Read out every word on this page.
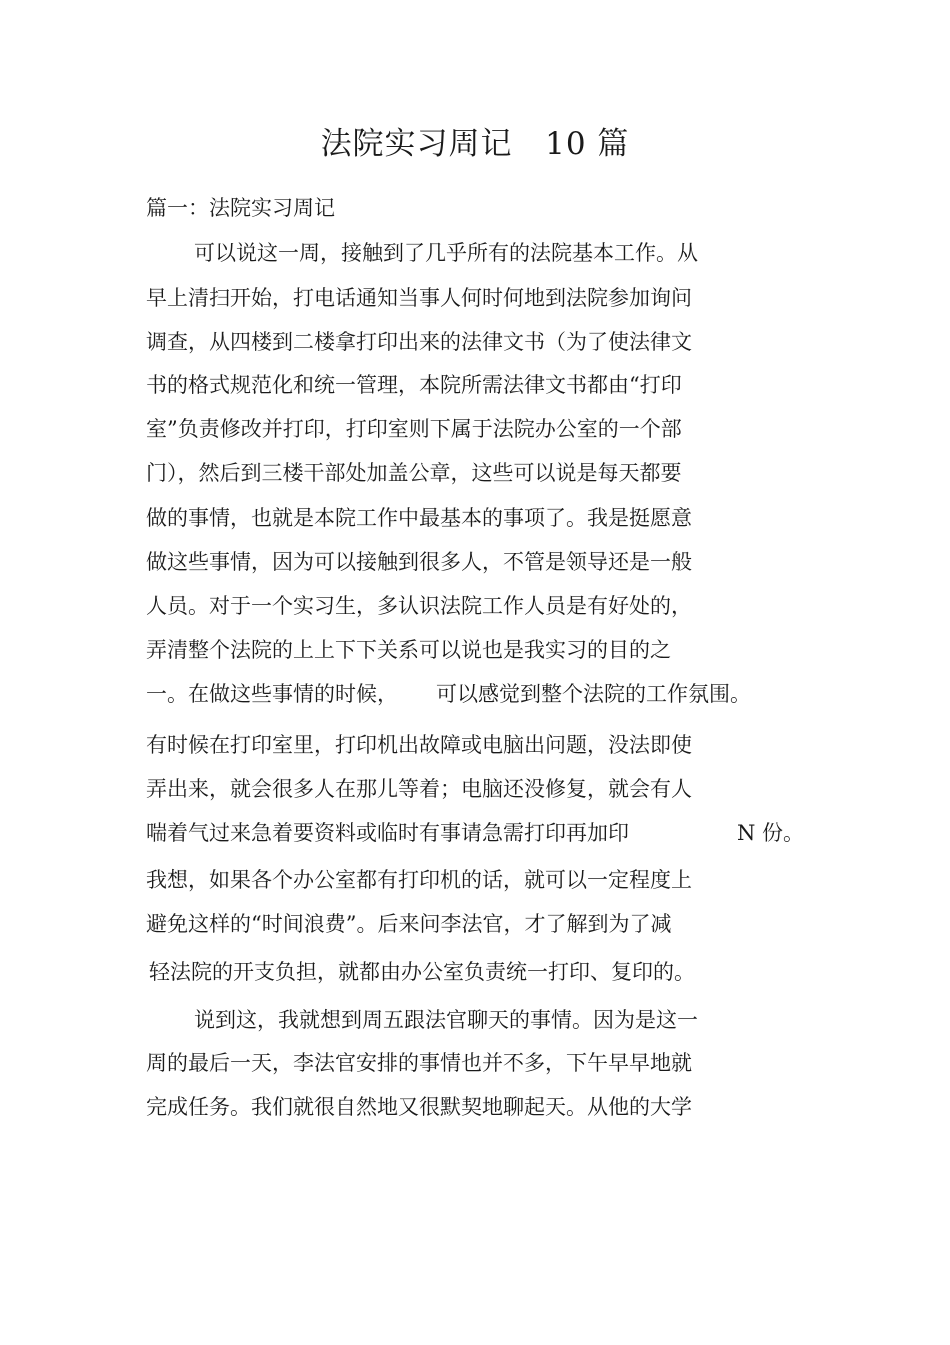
法院实习周记   10 篇
篇一：法院实习周记
可以说这一周，接触到了几乎所有的法院基本工作。从
早上清扫开始，打电话通知当事人何时何地到法院参加询问
调查，从四楼到二楼拿打印出来的法律文书（为了使法律文
书的格式规范化和统一管理，本院所需法律文书都由“打印
室”负责修改并打印，打印室则下属于法院办公室的一个部
门），然后到三楼干部处加盖公章，这些可以说是每天都要
做的事情，也就是本院工作中最基本的事项了。我是挺愿意
做这些事情，因为可以接触到很多人，不管是领导还是一般
人员。对于一个实习生，多认识法院工作人员是有好处的，
弄清整个法院的上上下下关系可以说也是我实习的目的之
一。在做这些事情的时候， 可以感觉到整个法院的工作氛围。
有时候在打印室里，打印机出故障或电脑出问题，没法即使
弄出来，就会很多人在那儿等着；电脑还没修复，就会有人
喘着气过来急着要资料或临时有事请急需打印再加印	N 份。
我想，如果各个办公室都有打印机的话，就可以一定程度上
避免这样的“时间浪费”。后来问李法官，才了解到为了减
轻法院的开支负担，就都由办公室负责统一打印、复印的。
说到这，我就想到周五跟法官聊天的事情。因为是这一
周的最后一天，李法官安排的事情也并不多，下午早早地就
完成任务。我们就很自然地又很默契地聊起天。从他的大学
